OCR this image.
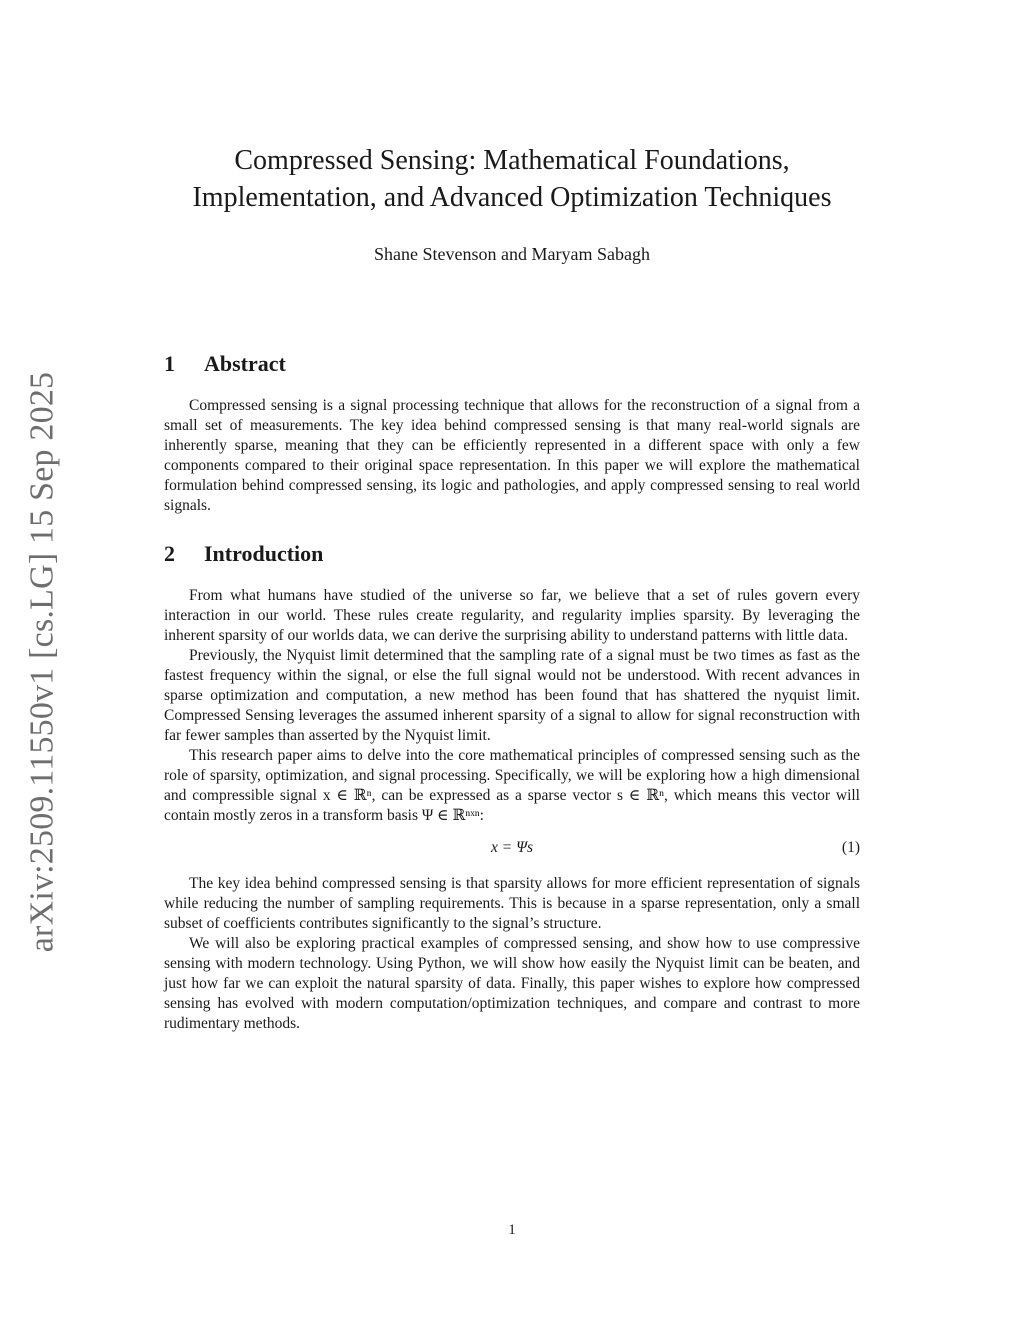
arXiv:2509.11550v1 [cs.LG] 15 Sep 2025
Compressed Sensing: Mathematical Foundations,
Implementation, and Advanced Optimization Techniques
Shane Stevenson and Maryam Sabagh
1 Abstract

Compressed sensing is a signal processing technique that allows for the reconstruction of a signal from a small set of measurements. The key idea behind compressed sensing is that many real-world signals are inherently sparse, meaning that they can be efficiently represented in a different space with only a few components compared to their original space representation. In this paper we will explore the mathematical formulation behind compressed sensing, its logic and pathologies, and apply compressed sensing to real world signals.

2 Introduction

From what humans have studied of the universe so far, we believe that a set of rules govern every interaction in our world. These rules create regularity, and regularity implies sparsity. By leveraging the inherent sparsity of our worlds data, we can derive the surprising ability to understand patterns with little data.

Previously, the Nyquist limit determined that the sampling rate of a signal must be two times as fast as the fastest frequency within the signal, or else the full signal would not be understood. With recent advances in sparse optimization and computation, a new method has been found that has shattered the nyquist limit. Compressed Sensing leverages the assumed inherent sparsity of a signal to allow for signal reconstruction with far fewer samples than asserted by the Nyquist limit.

This research paper aims to delve into the core mathematical principles of compressed sensing such as the role of sparsity, optimization, and signal processing. Specifically, we will be exploring how a high dimensional and compressible signal x ∈ ℝⁿ, can be expressed as a sparse vector s ∈ ℝⁿ, which means this vector will contain mostly zeros in a transform basis Ψ ∈ ℝⁿˣⁿ:

x = Ψs	(1)

The key idea behind compressed sensing is that sparsity allows for more efficient representation of signals while reducing the number of sampling requirements. This is because in a sparse representation, only a small subset of coefficients contributes significantly to the signal’s structure.

We will also be exploring practical examples of compressed sensing, and show how to use compressive sensing with modern technology. Using Python, we will show how easily the Nyquist limit can be beaten, and just how far we can exploit the natural sparsity of data. Finally, this paper wishes to explore how compressed sensing has evolved with modern computation/optimization techniques, and compare and contrast to more rudimentary methods.

1
